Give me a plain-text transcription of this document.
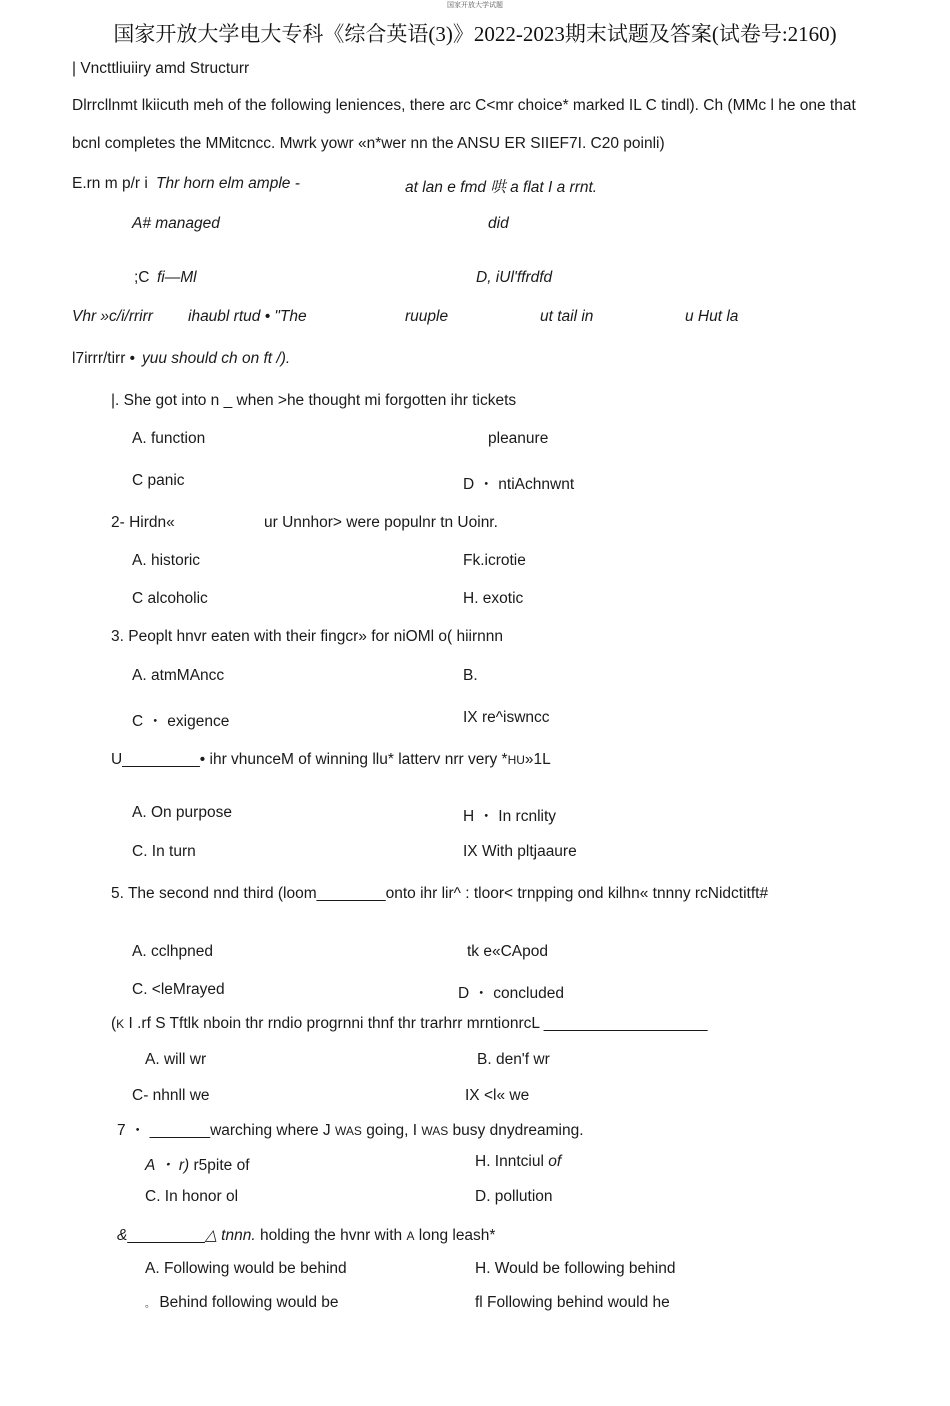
国家开放大学试题
国家开放大学电大专科《综合英语(3)》2022-2023期末试题及答案(试卷号:2160)
| Vncttliuiiry amd Structurr
Dlrrcllnmt lkiicuth meh of the following leniences, there arc C<mr choice* marked IL C tindl). Ch (MMc l he one that
bcnl completes the MMitcncc. Mwrk yowr «n*wer nn the ANSU ER SIIEF7I. C20 poinli)
E.rn m p/r i Thr horn elm ample -	at lan e fmd 哄 a flat I a rrnt.
A# managed	did
;C fi—Ml	D, iUl'ffrdfd
Vhr »c/i/rrirr ihaubl rtud • "The	ruuple	ut tail in	u Hut la
l7irrr/tirr • yuu should ch on ft /).
|. She got into n _ when >he thought mi forgotten ihr tickets
A. function	pleanure
C panic	D ・ ntiAchnwnt
2- Hirdn«	ur Unnhor> were populnr tn Uoinr.
A. historic	Fk.icrotie
C alcoholic	H. exotic
3. Peoplt hnvr eaten with their fingcr» for niOMl o( hiirnnn
A. atmMAncc	B.
C ・ exigence	IX re^iswncc
U_________• ihr vhunceM of winning llu* latterv nrr very *HU»1L
A. On purpose	H ・ In rcnlity
C. In turn	IX With pltjaaure
5. The second nnd third (loom________onto ihr lir^ : tloor< trnpping ond kilhn« tnnny rcNidctitft#
A. cclhpned	tk e«CApod
C. <leMrayed	D ・ concluded
(K I .rf S Tftlk nboin thr rndio progrnni thnf thr trarhrr mrntionrcL ___________________
A. will wr	B. den'f wr
C- nhnll we	IX <l« we
7 ・ _______warching where J WAS going, I WAS busy dnydreaming.
A ・ r) r5pite of	H. Inntciul of
C. In honor ol	D. pollution
&_________△ tnnn. holding the hvnr with A long leash*
A. Following would be behind	H. Would be following behind
。 Behind following would be	fl Following behind would he
